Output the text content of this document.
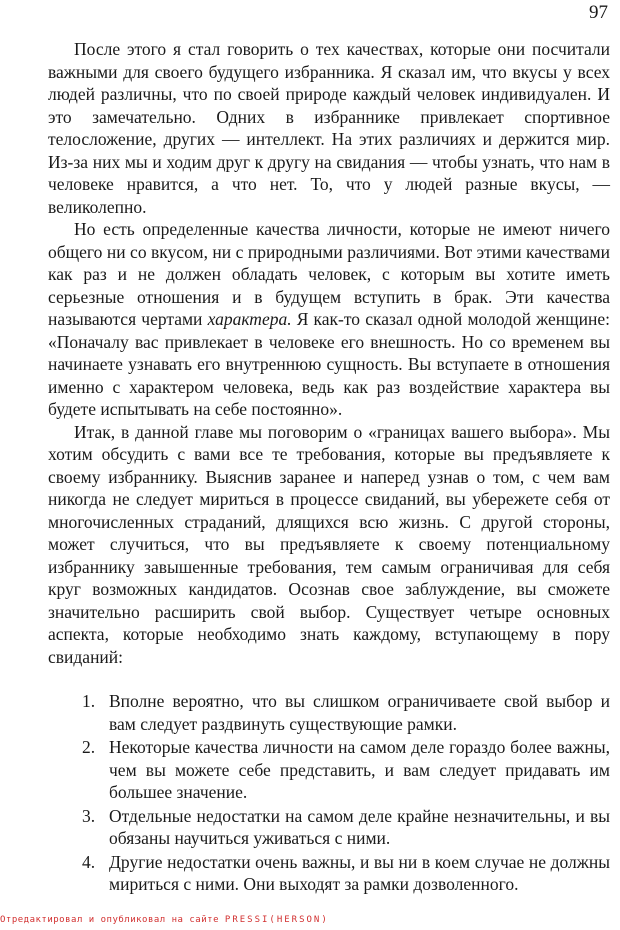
97

После этого я стал говорить о тех качествах, которые они посчитали важными для своего будущего избранника. Я сказал им, что вкусы у всех людей различны, что по своей природе каждый человек индивидуален. И это замечательно. Одних в избраннике привлекает спортивное телосложение, других — интеллект. На этих различиях и держится мир. Из-за них мы и ходим друг к другу на свидания — чтобы узнать, что нам в человеке нравится, а что нет. То, что у людей разные вкусы, — великолепно.

Но есть определенные качества личности, которые не имеют ничего общего ни со вкусом, ни с природными различиями. Вот этими качествами как раз и не должен обладать человек, с которым вы хотите иметь серьезные отношения и в будущем вступить в брак. Эти качества называются чертами характера. Я как-то сказал одной молодой женщине: «Поначалу вас привлекает в человеке его внешность. Но со временем вы начинаете узнавать его внутреннюю сущность. Вы вступаете в отношения именно с характером человека, ведь как раз воздействие характера вы будете испытывать на себе постоянно».

Итак, в данной главе мы поговорим о «границах вашего выбора». Мы хотим обсудить с вами все те требования, которые вы предъявляете к своему избраннику. Выяснив заранее и наперед узнав о том, с чем вам никогда не следует мириться в процессе свиданий, вы убережете себя от многочисленных страданий, длящихся всю жизнь. С другой стороны, может случиться, что вы предъявляете к своему потенциальному избраннику завышенные требования, тем самым ограничивая для себя круг возможных кандидатов. Осознав свое заблуждение, вы сможете значительно расширить свой выбор. Существует четыре основных аспекта, которые необходимо знать каждому, вступающему в пору свиданий:

1. Вполне вероятно, что вы слишком ограничиваете свой выбор и вам следует раздвинуть существующие рамки.
2. Некоторые качества личности на самом деле гораздо более важны, чем вы можете себе представить, и вам следует придавать им большее значение.
3. Отдельные недостатки на самом деле крайне незначительны, и вы обязаны научиться уживаться с ними.
4. Другие недостатки очень важны, и вы ни в коем случае не должны мириться с ними. Они выходят за рамки дозволенного.
Отредактировал и опубликовал на сайте PRESSI(HERSON)
